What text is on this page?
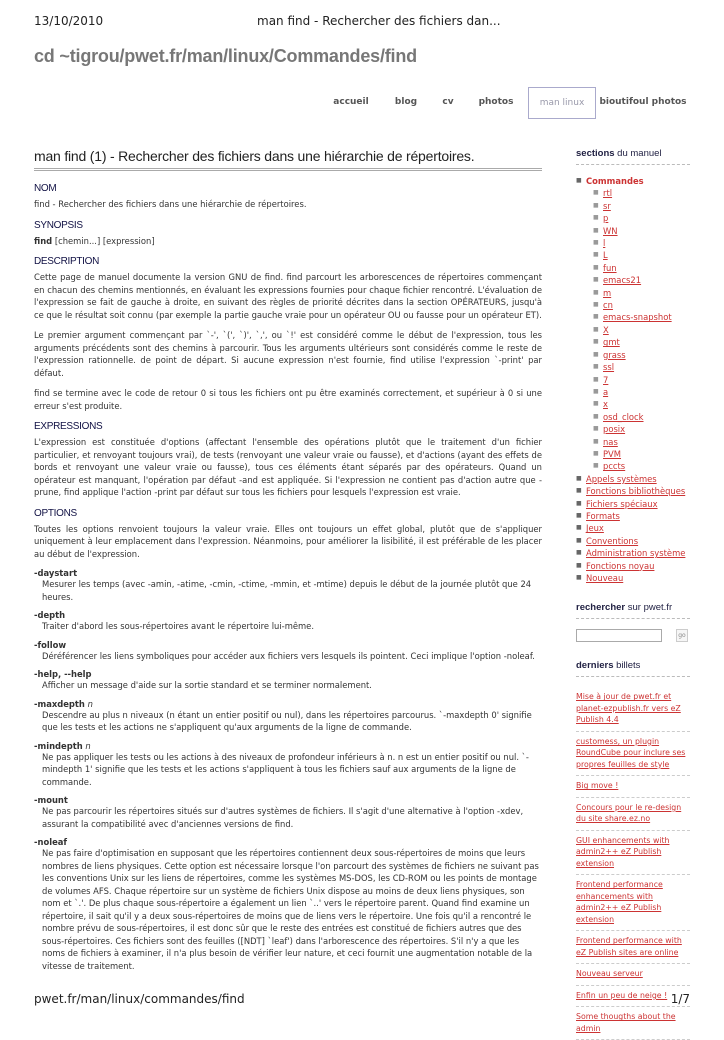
13/10/2010	man find - Rechercher des fichiers dan...
cd ~tigrou/pwet.fr/man/linux/Commandes/find
accueil	blog	cv	photos	man linux	bioutifoul photos
man find (1) - Rechercher des fichiers dans une hiérarchie de répertoires.
NOM

find - Rechercher des fichiers dans une hiérarchie de répertoires.

SYNOPSIS

find [chemin...] [expression]

DESCRIPTION

Cette page de manuel documente la version GNU de find. find parcourt les arborescences de répertoires commençant en chacun des chemins mentionnés, en évaluant les expressions fournies pour chaque fichier rencontré. L'évaluation de l'expression se fait de gauche à droite, en suivant des règles de priorité décrites dans la section OPÉRATEURS, jusqu'à ce que le résultat soit connu (par exemple la partie gauche vraie pour un opérateur OU ou fausse pour un opérateur ET).

Le premier argument commençant par `-', `(', `)', `,', ou `!' est considéré comme le début de l'expression, tous les arguments précédents sont des chemins à parcourir. Tous les arguments ultérieurs sont considérés comme le reste de l'expression rationnelle. de point de départ. Si aucune expression n'est fournie, find utilise l'expression `-print' par défaut.

find se termine avec le code de retour 0 si tous les fichiers ont pu être examinés correctement, et supérieur à 0 si une erreur s'est produite.

EXPRESSIONS

L'expression est constituée d'options (affectant l'ensemble des opérations plutôt que le traitement d'un fichier particulier, et renvoyant toujours vrai), de tests (renvoyant une valeur vraie ou fausse), et d'actions (ayant des effets de bords et renvoyant une valeur vraie ou fausse), tous ces éléments étant séparés par des opérateurs. Quand un opérateur est manquant, l'opération par défaut -and est appliquée. Si l'expression ne contient pas d'action autre que -prune, find applique l'action -print par défaut sur tous les fichiers pour lesquels l'expression est vraie.

OPTIONS

Toutes les options renvoient toujours la valeur vraie. Elles ont toujours un effet global, plutôt que de s'appliquer uniquement à leur emplacement dans l'expression. Néanmoins, pour améliorer la lisibilité, il est préférable de les placer au début de l'expression.

-daystart
Mesurer les temps (avec -amin, -atime, -cmin, -ctime, -mmin, et -mtime) depuis le début de la journée plutôt que 24 heures.
-depth
Traiter d'abord les sous-répertoires avant le répertoire lui-même.
-follow
Déréférencer les liens symboliques pour accéder aux fichiers vers lesquels ils pointent. Ceci implique l'option -noleaf.
-help, --help
Afficher un message d'aide sur la sortie standard et se terminer normalement.
-maxdepth n
Descendre au plus n niveaux (n étant un entier positif ou nul), dans les répertoires parcourus. `-maxdepth 0' signifie que les tests et les actions ne s'appliquent qu'aux arguments de la ligne de commande.
-mindepth n
Ne pas appliquer les tests ou les actions à des niveaux de profondeur inférieurs à n. n est un entier positif ou nul. `-mindepth 1' signifie que les tests et les actions s'appliquent à tous les fichiers sauf aux arguments de la ligne de commande.
-mount
Ne pas parcourir les répertoires situés sur d'autres systèmes de fichiers. Il s'agit d'une alternative à l'option -xdev, assurant la compatibilité avec d'anciennes versions de find.
-noleaf
Ne pas faire d'optimisation en supposant que les répertoires contiennent deux sous-répertoires de moins que leurs nombres de liens physiques. Cette option est nécessaire lorsque l'on parcourt des systèmes de fichiers ne suivant pas les conventions Unix sur les liens de répertoires, comme les systèmes MS-DOS, les CD-ROM ou les points de montage de volumes AFS. Chaque répertoire sur un système de fichiers Unix dispose au moins de deux liens physiques, son nom et `.'. De plus chaque sous-répertoire a également un lien `..' vers le répertoire parent. Quand find examine un répertoire, il sait qu'il y a deux sous-répertoires de moins que de liens vers le répertoire. Une fois qu'il a rencontré le nombre prévu de sous-répertoires, il est donc sûr que le reste des entrées est constitué de fichiers autres que des sous-répertoires. Ces fichiers sont des feuilles ([NDT] `leaf') dans l'arborescence des répertoires. S'il n'y a que les noms de fichiers à examiner, il n'a plus besoin de vérifier leur nature, et ceci fournit une augmentation notable de la vitesse de traitement.
sections du manuel
■ Commandes
■ rtl
■ sr
■ p
■ WN
■ l
■ L
■ fun
■ emacs21
■ m
■ cn
■ emacs-snapshot
■ X
■ gmt
■ grass
■ ssl
■ 7
■ a
■ x
■ osd_clock
■ posix
■ nas
■ PVM
■ pccts
■ Appels systèmes
■ Fonctions bibliothèques
■ Fichiers spéciaux
■ Formats
■ Jeux
■ Conventions
■ Administration système
■ Fonctions noyau
■ Nouveau
rechercher sur pwet.fr
go
derniers billets
Mise à jour de pwet.fr et planet-ezpublish.fr vers eZ Publish 4.4
customess, un plugin RoundCube pour inclure ses propres feuilles de style
Big move !
Concours pour le re-design du site share.ez.no
GUI enhancements with admin2++ eZ Publish extension
Frontend performance enhancements with admin2++ eZ Publish extension
Frontend performance with eZ Publish sites are online
Nouveau serveur
Enfin un peu de neige !
Some thougths about the admin
pwet.fr/man/linux/commandes/find	1/7
